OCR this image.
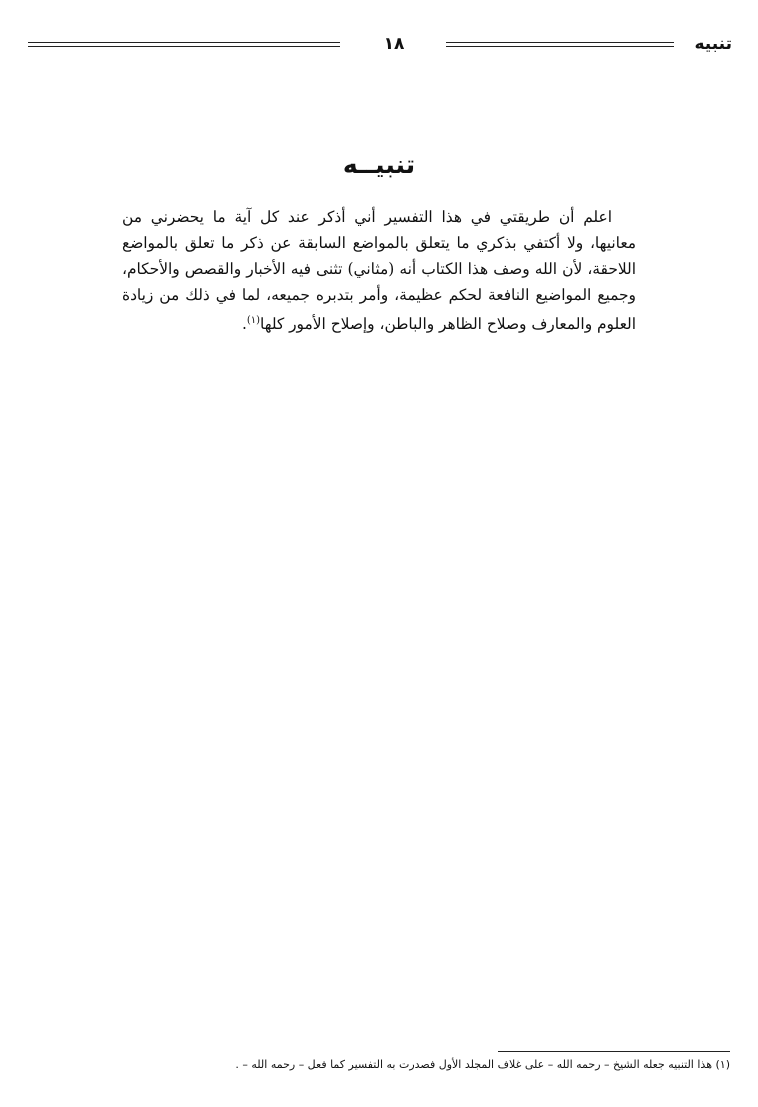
تنبيه
١٨
تنبيــه

اعلم أن طريقتي في هذا التفسير أني أذكر عند كل آية ما يحضرني من معانيها، ولا أكتفي بذكري ما يتعلق بالمواضع السابقة عن ذكر ما تعلق بالمواضع اللاحقة، لأن الله وصف هذا الكتاب أنه (مثاني) تثنى فيه الأخبار والقصص والأحكام، وجميع المواضيع النافعة لحكم عظيمة، وأمر بتدبره جميعه، لما في ذلك من زيادة العلوم والمعارف وصلاح الظاهر والباطن، وإصلاح الأمور كلها$^{(١)}$.

(١) هذا التنبيه جعله الشيخ – رحمه الله – على غلاف المجلد الأول فصدرت به التفسير كما فعل – رحمه الله – .
